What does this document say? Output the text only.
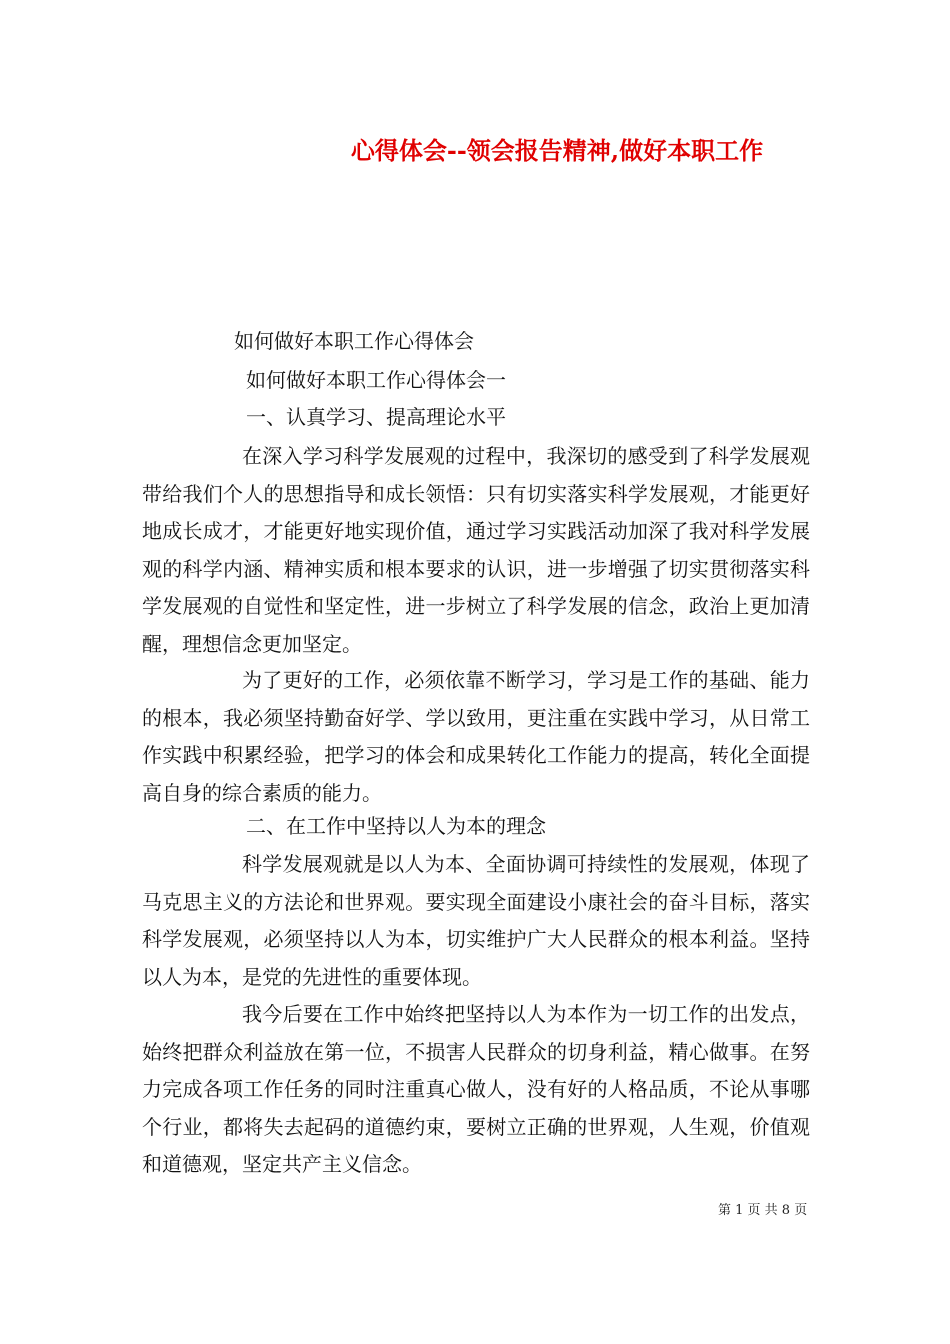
心得体会--领会报告精神,做好本职工作
如何做好本职工作心得体会
如何做好本职工作心得体会一
一、认真学习、提高理论水平
在深入学习科学发展观的过程中，我深切的感受到了科学发展观带给我们个人的思想指导和成长领悟：只有切实落实科学发展观，才能更好地成长成才，才能更好地实现价值，通过学习实践活动加深了我对科学发展观的科学内涵、精神实质和根本要求的认识，进一步增强了切实贯彻落实科学发展观的自觉性和坚定性，进一步树立了科学发展的信念，政治上更加清醒，理想信念更加坚定。
为了更好的工作，必须依靠不断学习，学习是工作的基础、能力的根本，我必须坚持勤奋好学、学以致用，更注重在实践中学习，从日常工作实践中积累经验，把学习的体会和成果转化工作能力的提高，转化全面提高自身的综合素质的能力。
二、在工作中坚持以人为本的理念
科学发展观就是以人为本、全面协调可持续性的发展观，体现了马克思主义的方法论和世界观。要实现全面建设小康社会的奋斗目标，落实科学发展观，必须坚持以人为本，切实维护广大人民群众的根本利益。坚持以人为本，是党的先进性的重要体现。
我今后要在工作中始终把坚持以人为本作为一切工作的出发点，始终把群众利益放在第一位，不损害人民群众的切身利益，精心做事。在努力完成各项工作任务的同时注重真心做人，没有好的人格品质，不论从事哪个行业，都将失去起码的道德约束，要树立正确的世界观，人生观，价值观和道德观，坚定共产主义信念。
第 1 页 共 8 页
